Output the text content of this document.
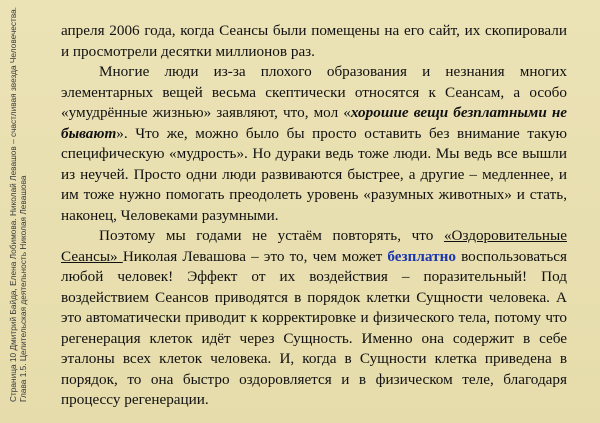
Страница 10 Дмитрий Байда, Елена Лобимова. Николай Левашов – счастливая звезда Человечества. Глава 1.5. Целительская деятельность Николая Левашова

апреля 2006 года, когда Сеансы были помещены на его сайт, их скопировали и просмотрели десятки миллионов раз.

Многие люди из-за плохого образования и незнания многих элементарных вещей весьма скептически относятся к Сеансам, а особо «умудрённые жизнью» заявляют, что, мол «хорошие вещи безплатными не бывают». Что же, можно было бы просто оставить без внимание такую специфическую «мудрость». Но дураки ведь тоже люди. Мы ведь все вышли из неучей. Просто одни люди развиваются быстрее, а другие – медленнее, и им тоже нужно помогать преодолеть уровень «разумных животных» и стать, наконец, Человеками разумными.

Поэтому мы годами не устаём повторять, что «Оздоровительные Сеансы» Николая Левашова – это то, чем может безплатно воспользоваться любой человек! Эффект от их воздействия – поразительный! Под воздействием Сеансов приводятся в порядок клетки Сущности человека. А это автоматически приводит к корректировке и физического тела, потому что регенерация клеток идёт через Сущность. Именно она содержит в себе эталоны всех клеток человека. И, когда в Сущности клетка приведена в порядок, то она быстро оздоровляется и в физическом теле, благодаря процессу регенерации.
